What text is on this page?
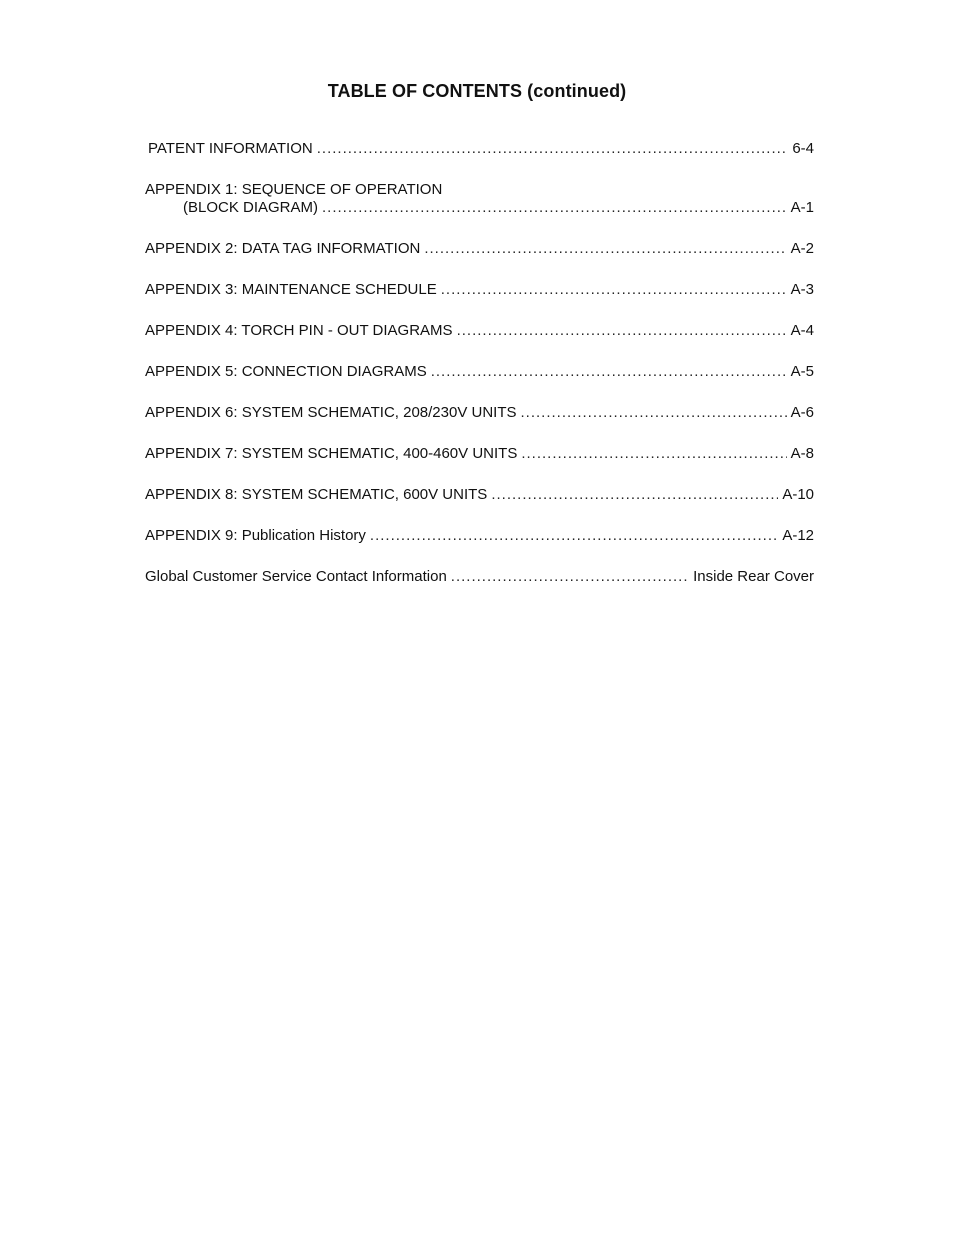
TABLE OF CONTENTS (continued)
PATENT INFORMATION .....	6-4
APPENDIX 1: SEQUENCE OF OPERATION
(BLOCK DIAGRAM) .....	A-1
APPENDIX 2: DATA TAG INFORMATION .....	A-2
APPENDIX 3: MAINTENANCE SCHEDULE .....	A-3
APPENDIX 4: TORCH PIN - OUT DIAGRAMS .....	A-4
APPENDIX 5: CONNECTION DIAGRAMS .....	A-5
APPENDIX 6: SYSTEM SCHEMATIC, 208/230V UNITS .....	A-6
APPENDIX 7: SYSTEM SCHEMATIC, 400-460V UNITS .....	A-8
APPENDIX 8: SYSTEM SCHEMATIC, 600V UNITS .....	A-10
APPENDIX 9: Publication History .....	A-12
Global Customer Service Contact Information .....	Inside Rear Cover
